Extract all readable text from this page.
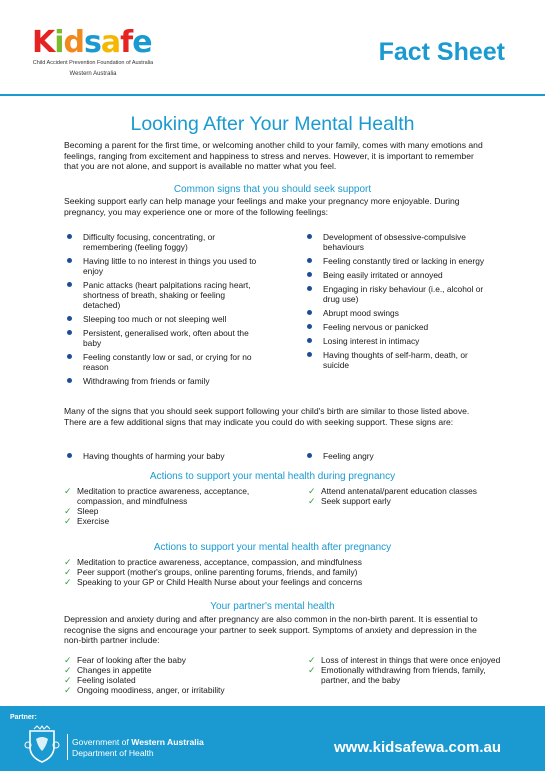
Kidsafe
Child Accident Prevention Foundation of Australia
Western Australia
Fact Sheet
Looking After Your Mental Health
Becoming a parent for the first time, or welcoming another child to your family, comes with many emotions and feelings, ranging from excitement and happiness to stress and nerves. However, it is important to remember that you are not alone, and support is available no matter what you feel.
Common signs that you should seek support
Seeking support early can help manage your feelings and make your pregnancy more enjoyable. During pregnancy, you may experience one or more of the following feelings:
Difficulty focusing, concentrating, or remembering (feeling foggy)
Having little to no interest in things you used to enjoy
Panic attacks (heart palpitations racing heart, shortness of breath, shaking or feeling detached)
Sleeping too much or not sleeping well
Persistent, generalised work, often about the baby
Feeling constantly low or sad, or crying for no reason
Withdrawing from friends or family
Development of obsessive-compulsive behaviours
Feeling constantly tired or lacking in energy
Being easily irritated or annoyed
Engaging in risky behaviour (i.e., alcohol or drug use)
Abrupt mood swings
Feeling nervous or panicked
Losing interest in intimacy
Having thoughts of self-harm, death, or suicide
Many of the signs that you should seek support following your child's birth are similar to those listed above. There are a few additional signs that may indicate you could do with seeking support. These signs are:
Having thoughts of harming your baby	Feeling angry
Actions to support your mental health during pregnancy
✓ Meditation to practice awareness, acceptance, compassion, and mindfulness
✓ Sleep
✓ Exercise
✓ Attend antenatal/parent education classes
✓ Seek support early
Actions to support your mental health after pregnancy
✓ Meditation to practice awareness, acceptance, compassion, and mindfulness
✓ Peer support (mother's groups, online parenting forums, friends, and family)
✓ Speaking to your GP or Child Health Nurse about your feelings and concerns
Your partner's mental health
Depression and anxiety during and after pregnancy are also common in the non-birth parent. It is essential to recognise the signs and encourage your partner to seek support. Symptoms of anxiety and depression in the non-birth partner include:
✓ Fear of looking after the baby
✓ Changes in appetite
✓ Feeling isolated
✓ Ongoing moodiness, anger, or irritability
✓ Loss of interest in things that were once enjoyed
✓ Emotionally withdrawing from friends, family, partner, and the baby
Partner:
Government of Western Australia
Department of Health	www.kidsafewa.com.au
